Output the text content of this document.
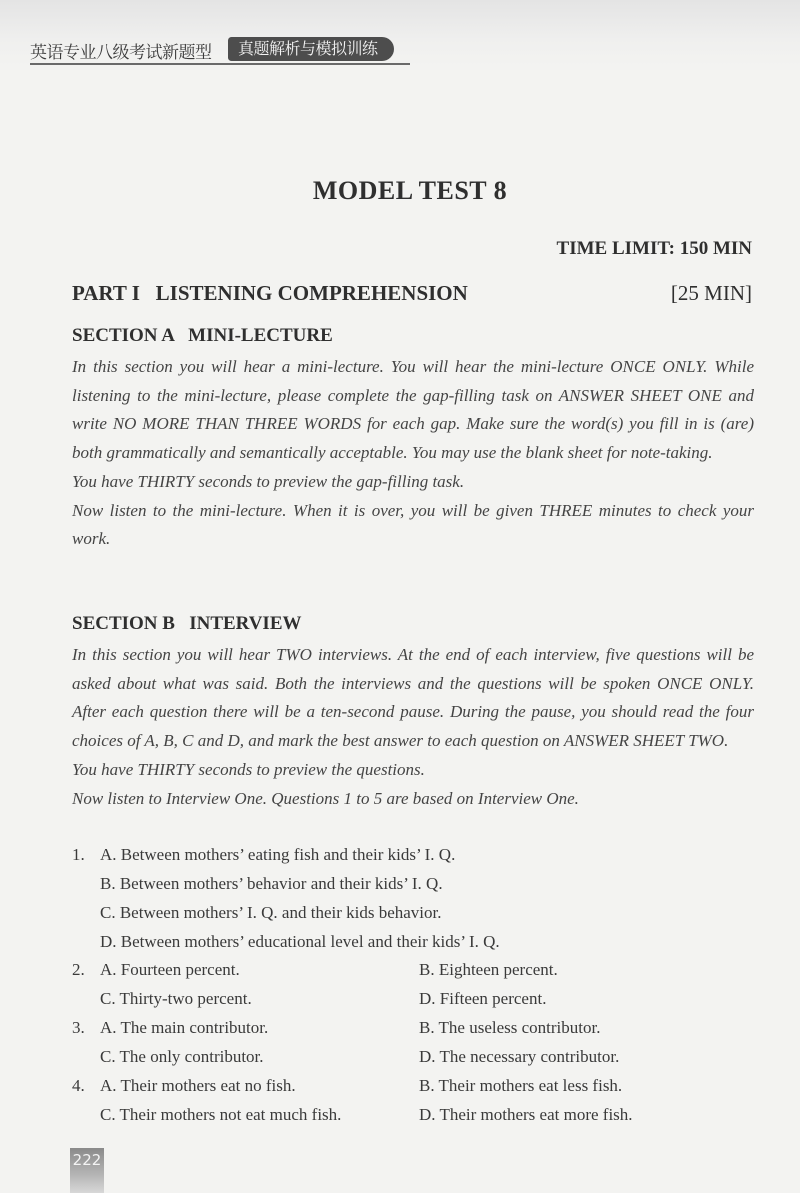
英语专业八级考试新题型	真题解析与模拟训练
MODEL TEST 8
TIME LIMIT: 150 MIN
PART I   LISTENING COMPREHENSION	[25 MIN]
SECTION A   MINI-LECTURE

In this section you will hear a mini-lecture. You will hear the mini-lecture ONCE ONLY. While listening to the mini-lecture, please complete the gap-filling task on ANSWER SHEET ONE and write NO MORE THAN THREE WORDS for each gap. Make sure the word(s) you fill in is (are) both grammatically and semantically acceptable. You may use the blank sheet for note-taking.

You have THIRTY seconds to preview the gap-filling task.

Now listen to the mini-lecture. When it is over, you will be given THREE minutes to check your work.

SECTION B   INTERVIEW

In this section you will hear TWO interviews. At the end of each interview, five questions will be asked about what was said. Both the interviews and the questions will be spoken ONCE ONLY. After each question there will be a ten-second pause. During the pause, you should read the four choices of A, B, C and D, and mark the best answer to each question on ANSWER SHEET TWO.

You have THIRTY seconds to preview the questions.

Now listen to Interview One. Questions 1 to 5 are based on Interview One.

1. A. Between mothers’ eating fish and their kids’ I. Q.
B. Between mothers’ behavior and their kids’ I. Q.
C. Between mothers’ I. Q. and their kids behavior.
D. Between mothers’ educational level and their kids’ I. Q.
2. A. Fourteen percent.	B. Eighteen percent.
C. Thirty-two percent.	D. Fifteen percent.
3. A. The main contributor.	B. The useless contributor.
C. The only contributor.	D. The necessary contributor.
4. A. Their mothers eat no fish.	B. Their mothers eat less fish.
C. Their mothers not eat much fish.	D. Their mothers eat more fish.
222
